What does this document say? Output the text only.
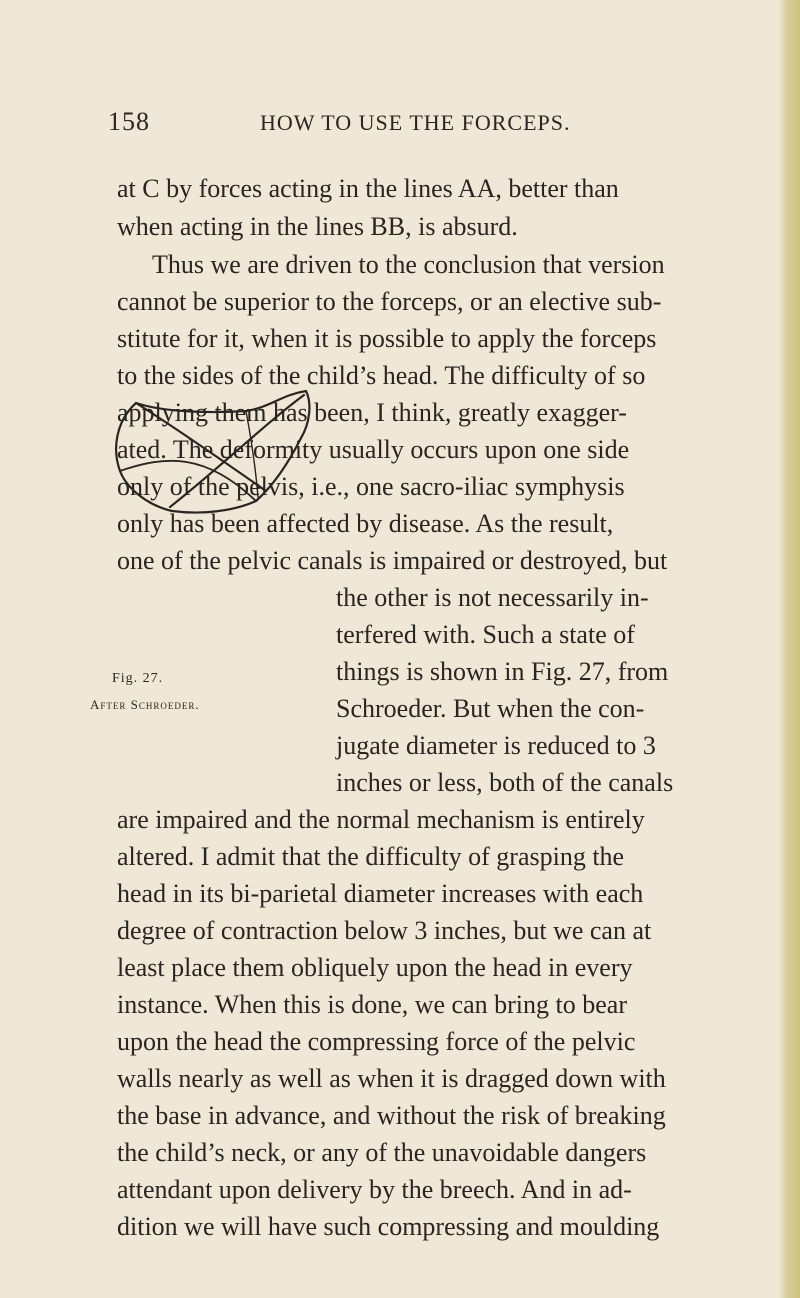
158	HOW TO USE THE FORCEPS.
at C by forces acting in the lines AA, better than
when acting in the lines BB, is absurd.
Thus we are driven to the conclusion that version
cannot be superior to the forceps, or an elective sub-
stitute for it, when it is possible to apply the forceps
to the sides of the child’s head. The difficulty of so
applying them has been, I think, greatly exagger-
ated. The deformity usually occurs upon one side
only of the pelvis, i.e., one sacro-iliac symphysis
only has been affected by disease. As the result,
one of the pelvic canals is impaired or destroyed, but
the other is not necessarily in-
terfered with. Such a state of
things is shown in Fig. 27, from
Schroeder. But when the con-
jugate diameter is reduced to 3
inches or less, both of the canals
are impaired and the normal mechanism is entirely
altered. I admit that the difficulty of grasping the
head in its bi-parietal diameter increases with each
degree of contraction below 3 inches, but we can at
least place them obliquely upon the head in every
instance. When this is done, we can bring to bear
upon the head the compressing force of the pelvic
walls nearly as well as when it is dragged down with
the base in advance, and without the risk of breaking
the child’s neck, or any of the unavoidable dangers
attendant upon delivery by the breech. And in ad-
dition we will have such compressing and moulding
Fig. 27.
After Schroeder.
